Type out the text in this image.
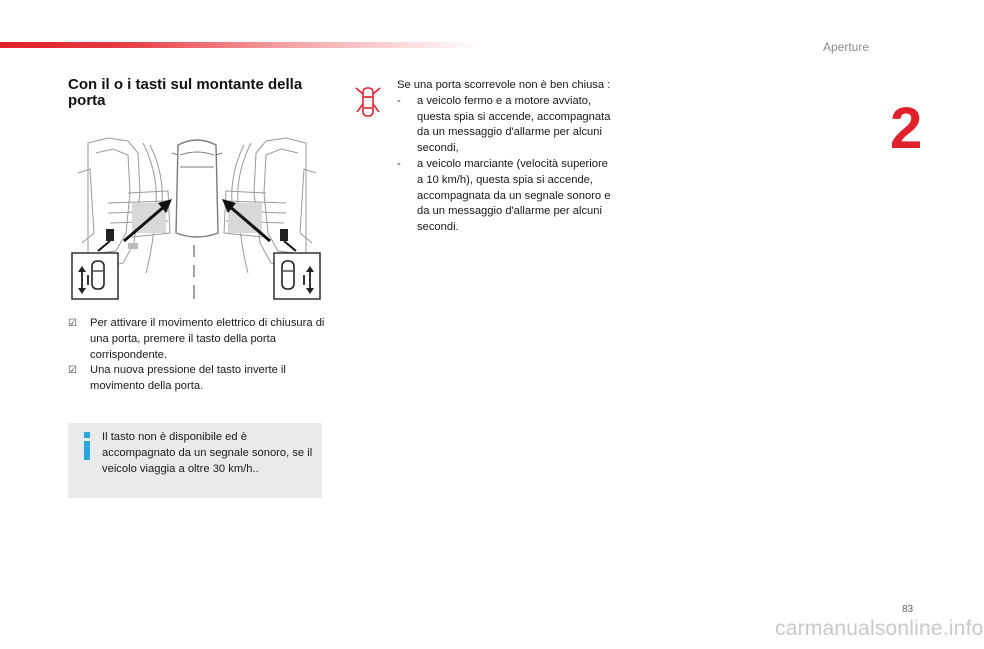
Aperture
2
Con il o i tasti sul montante della porta
☑ Per attivare il movimento elettrico di chiusura di una porta, premere il tasto della porta corrispondente.
☑ Una nuova pressione del tasto inverte il movimento della porta.
Il tasto non è disponibile ed è accompagnato da un segnale sonoro, se il veicolo viaggia a oltre 30 km/h..

Se una porta scorrevole non è ben chiusa :

- a veicolo fermo e a motore avviato, questa spia si accende, accompagnata da un messaggio d'allarme per alcuni secondi,
- a veicolo marciante (velocità superiore a 10 km/h), questa spia si accende, accompagnata da un segnale sonoro e da un messaggio d'allarme per alcuni secondi.
83
carmanualsonline.info
